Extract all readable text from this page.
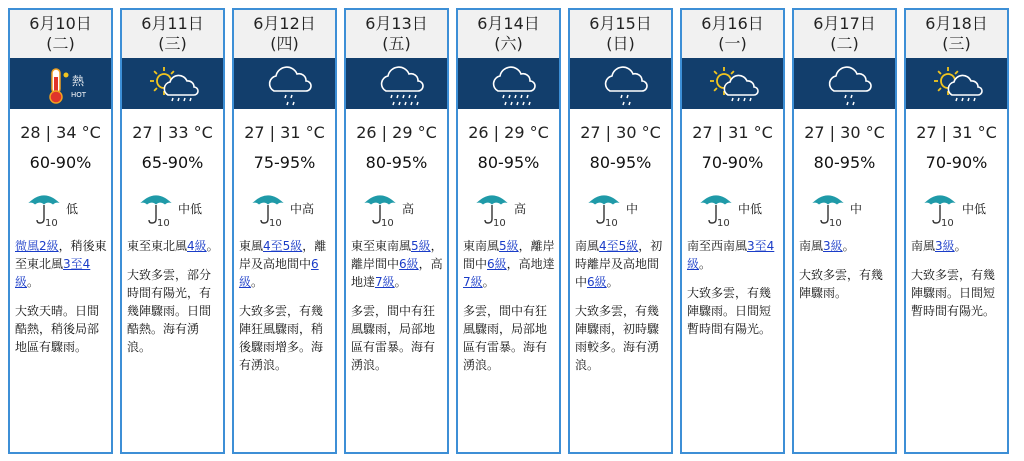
6月10日
(二)
熱
HOT
28 | 34 °C
60-90%
10
低

微風2級，稍後東至東北風3至4級。

大致天晴。日間酷熱，稍後局部地區有驟雨。

6月11日
(三)
27 | 33 °C
65-90%
10
中低

東至東北風4級。

大致多雲，部分時間有陽光，有幾陣驟雨。日間酷熱。海有湧浪。

6月12日
(四)
27 | 31 °C
75-95%
10
中高

東風4至5級，離岸及高地間中6級。

大致多雲，有幾陣狂風驟雨，稍後驟雨增多。海有湧浪。

6月13日
(五)
26 | 29 °C
80-95%
10
高

東至東南風5級，離岸間中6級，高地達7級。

多雲，間中有狂風驟雨，局部地區有雷暴。海有湧浪。

6月14日
(六)
26 | 29 °C
80-95%
10
高

東南風5級，離岸間中6級，高地達7級。

多雲，間中有狂風驟雨，局部地區有雷暴。海有湧浪。

6月15日
(日)
27 | 30 °C
80-95%
10
中

南風4至5級，初時離岸及高地間中6級。

大致多雲，有幾陣驟雨，初時驟雨較多。海有湧浪。

6月16日
(一)
27 | 31 °C
70-90%
10
中低

南至西南風3至4級。

大致多雲，有幾陣驟雨。日間短暫時間有陽光。

6月17日
(二)
27 | 30 °C
80-95%
10
中

南風3級。

大致多雲，有幾陣驟雨。

6月18日
(三)
27 | 31 °C
70-90%
10
中低

南風3級。

大致多雲，有幾陣驟雨。日間短暫時間有陽光。
